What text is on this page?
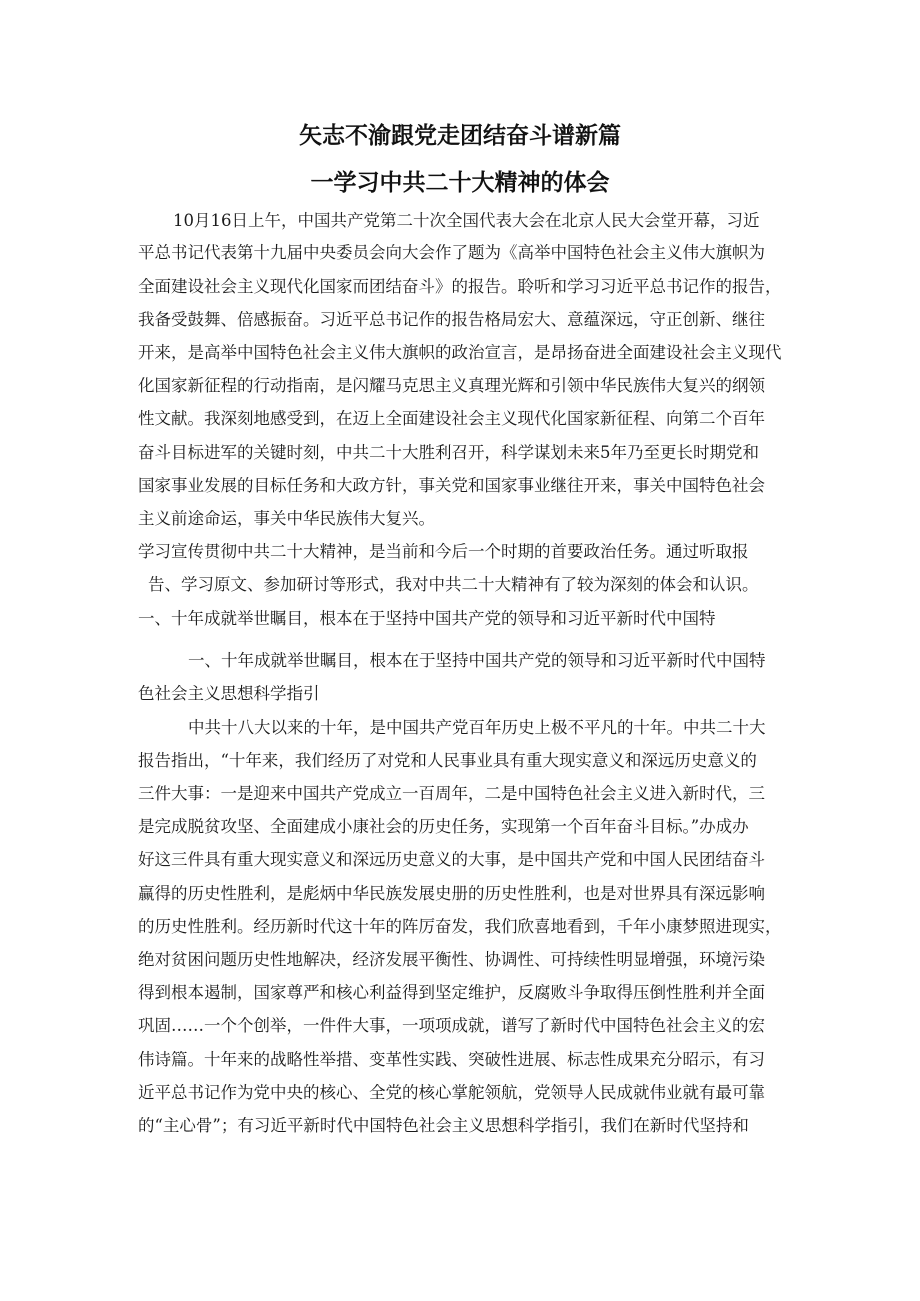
矢志不渝跟党走团结奋斗谱新篇
一学习中共二十大精神的体会
10月16日上午，中国共产党第二十次全国代表大会在北京人民大会堂开幕，习近
平总书记代表第十九届中央委员会向大会作了题为《高举中国特色社会主义伟大旗帜为
全面建设社会主义现代化国家而团结奋斗》的报告。聆听和学习习近平总书记作的报告，
我备受鼓舞、倍感振奋。习近平总书记作的报告格局宏大、意蕴深远，守正创新、继往
开来，是高举中国特色社会主义伟大旗帜的政治宣言，是昂扬奋进全面建设社会主义现代
化国家新征程的行动指南，是闪耀马克思主义真理光辉和引领中华民族伟大复兴的纲领
性文献。我深刻地感受到，在迈上全面建设社会主义现代化国家新征程、向第二个百年
奋斗目标进军的关键时刻，中共二十大胜利召开，科学谋划未来5年乃至更长时期党和
国家事业发展的目标任务和大政方针，事关党和国家事业继往开来，事关中国特色社会
主义前途命运，事关中华民族伟大复兴。
学习宣传贯彻中共二十大精神，是当前和今后一个时期的首要政治任务。通过听取报
告、学习原文、参加研讨等形式，我对中共二十大精神有了较为深刻的体会和认识。
一、十年成就举世瞩目，根本在于坚持中国共产党的领导和习近平新时代中国特
一、十年成就举世瞩目，根本在于坚持中国共产党的领导和习近平新时代中国特
色社会主义思想科学指引
中共十八大以来的十年，是中国共产党百年历史上极不平凡的十年。中共二十大
报告指出，“十年来，我们经历了对党和人民事业具有重大现实意义和深远历史意义的
三件大事：一是迎来中国共产党成立一百周年，二是中国特色社会主义进入新时代，三
是完成脱贫攻坚、全面建成小康社会的历史任务，实现第一个百年奋斗目标。”办成办
好这三件具有重大现实意义和深远历史意义的大事，是中国共产党和中国人民团结奋斗
赢得的历史性胜利，是彪炳中华民族发展史册的历史性胜利，也是对世界具有深远影响
的历史性胜利。经历新时代这十年的阵厉奋发，我们欣喜地看到，千年小康梦照进现实，
绝对贫困问题历史性地解决，经济发展平衡性、协调性、可持续性明显增强，环境污染
得到根本遏制，国家尊严和核心利益得到坚定维护，反腐败斗争取得压倒性胜利并全面
巩固……一个个创举，一件件大事，一项项成就，谱写了新时代中国特色社会主义的宏
伟诗篇。十年来的战略性举措、变革性实践、突破性进展、标志性成果充分昭示，有习
近平总书记作为党中央的核心、全党的核心掌舵领航，党领导人民成就伟业就有最可靠
的“主心骨”；有习近平新时代中国特色社会主义思想科学指引，我们在新时代坚持和
